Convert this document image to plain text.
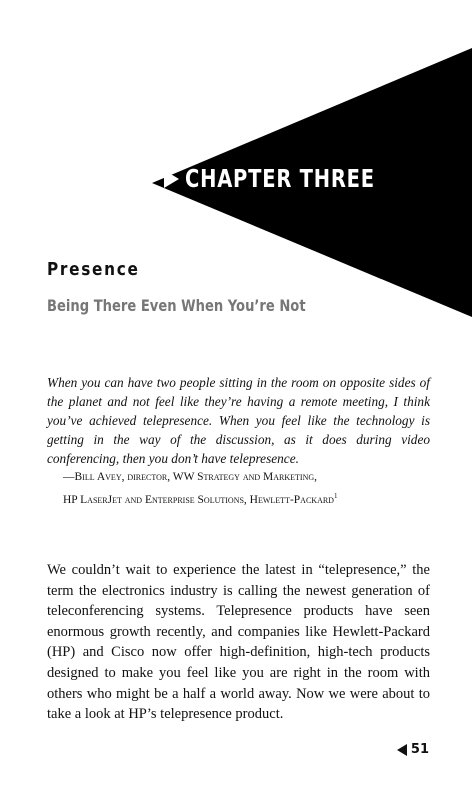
CHAPTER THREE
Presence
Being There Even When You’re Not
When you can have two people sitting in the room on opposite sides of the planet and not feel like they’re having a remote meeting, I think you’ve achieved telepresence. When you feel like the technology is getting in the way of the discussion, as it does during video conferencing, then you don’t have telepresence.
—Bill Avey, director, WW Strategy and Marketing,
HP LaserJet and Enterprise Solutions, Hewlett-Packard$^1$
We couldn’t wait to experience the latest in “telepresence,” the term the electronics industry is calling the newest generation of teleconferencing systems. Telepresence products have seen enormous growth recently, and companies like Hewlett-Packard (HP) and Cisco now offer high-definition, high-tech products designed to make you feel like you are right in the room with others who might be a half a world away. Now we were about to take a look at HP’s telepresence product.
51
